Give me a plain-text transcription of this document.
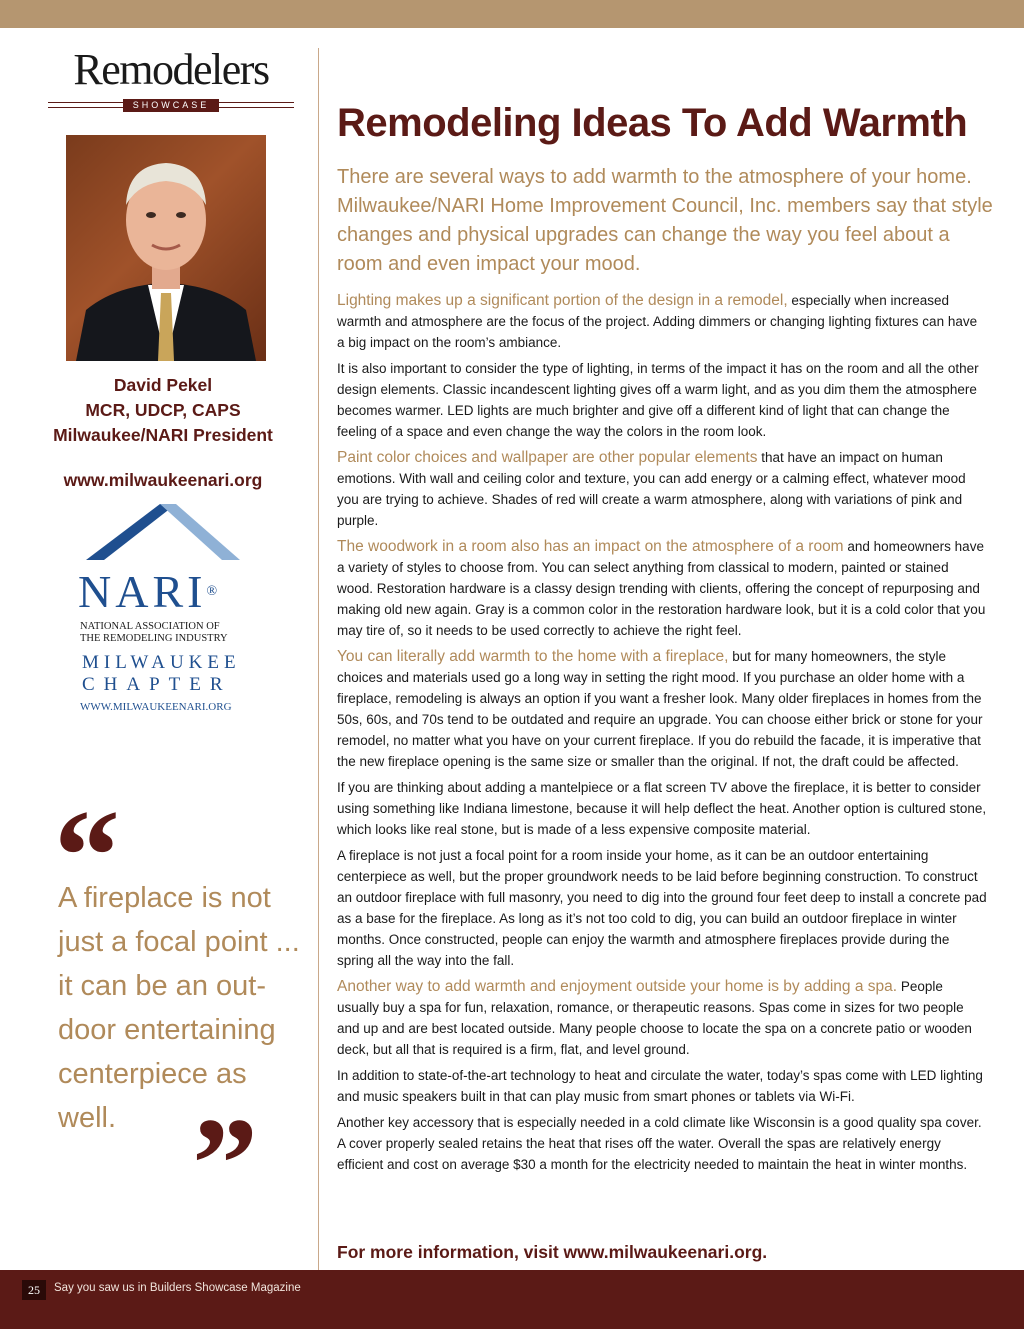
Remodelers
SHOWCASE
David Pekel
MCR, UDCP, CAPS
Milwaukee/NARI President
www.milwaukeenari.org
NARI®
NATIONAL ASSOCIATION OF
THE REMODELING INDUSTRY
MILWAUKEE
CHAPTER
WWW.MILWAUKEENARI.ORG
“
A fireplace is not just a focal point ... it can be an out-door entertaining centerpiece as well. ”
Remodeling Ideas To Add Warmth
There are several ways to add warmth to the atmosphere of your home. Milwaukee/NARI Home Improvement Council, Inc. members say that style changes and physical upgrades can change the way you feel about a room and even impact your mood.

Lighting makes up a significant portion of the design in a remodel, especially when increased warmth and atmosphere are the focus of the project. Adding dimmers or changing lighting fixtures can have a big impact on the room’s ambiance.

It is also important to consider the type of lighting, in terms of the impact it has on the room and all the other design elements. Classic incandescent lighting gives off a warm light, and as you dim them the atmosphere becomes warmer. LED lights are much brighter and give off a different kind of light that can change the feeling of a space and even change the way the colors in the room look.

Paint color choices and wallpaper are other popular elements that have an impact on human emotions. With wall and ceiling color and texture, you can add energy or a calming effect, whatever mood you are trying to achieve. Shades of red will create a warm atmosphere, along with variations of pink and purple.

The woodwork in a room also has an impact on the atmosphere of a room and homeowners have a variety of styles to choose from. You can select anything from classical to modern, painted or stained wood. Restoration hardware is a classy design trending with clients, offering the concept of repurposing and making old new again. Gray is a common color in the restoration hardware look, but it is a cold color that you may tire of, so it needs to be used correctly to achieve the right feel.

You can literally add warmth to the home with a fireplace, but for many homeowners, the style choices and materials used go a long way in setting the right mood. If you purchase an older home with a fireplace, remodeling is always an option if you want a fresher look. Many older fireplaces in homes from the 50s, 60s, and 70s tend to be outdated and require an upgrade. You can choose either brick or stone for your remodel, no matter what you have on your current fireplace. If you do rebuild the facade, it is imperative that the new fireplace opening is the same size or smaller than the original. If not, the draft could be affected.

If you are thinking about adding a mantelpiece or a flat screen TV above the fireplace, it is better to consider using something like Indiana limestone, because it will help deflect the heat. Another option is cultured stone, which looks like real stone, but is made of a less expensive composite material.

A fireplace is not just a focal point for a room inside your home, as it can be an outdoor entertaining centerpiece as well, but the proper groundwork needs to be laid before beginning construction. To construct an outdoor fireplace with full masonry, you need to dig into the ground four feet deep to install a concrete pad as a base for the fireplace. As long as it’s not too cold to dig, you can build an outdoor fireplace in winter months. Once constructed, people can enjoy the warmth and atmosphere fireplaces provide during the spring all the way into the fall.

Another way to add warmth and enjoyment outside your home is by adding a spa. People usually buy a spa for fun, relaxation, romance, or therapeutic reasons. Spas come in sizes for two people and up and are best located outside. Many people choose to locate the spa on a concrete patio or wooden deck, but all that is required is a firm, flat, and level ground.

In addition to state-of-the-art technology to heat and circulate the water, today’s spas come with LED lighting and music speakers built in that can play music from smart phones or tablets via Wi-Fi.

Another key accessory that is especially needed in a cold climate like Wisconsin is a good quality spa cover. A cover properly sealed retains the heat that rises off the water. Overall the spas are relatively energy efficient and cost on average $30 a month for the electricity needed to maintain the heat in winter months.

For more information, visit www.milwaukeenari.org.
25	Say you saw us in Builders Showcase Magazine
